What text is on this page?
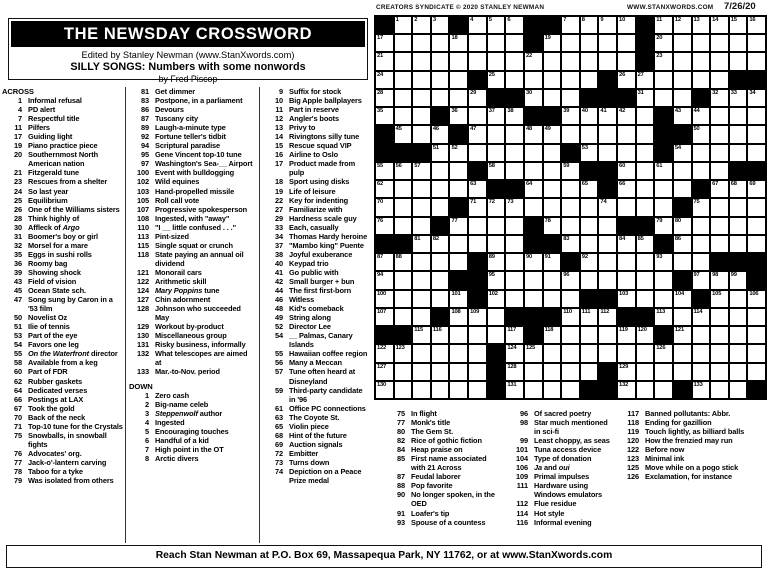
CREATORS SYNDICATE © 2020 STANLEY NEWMAN	WWW.STANXWORDS.COM 7/26/20
THE NEWSDAY CROSSWORD
Edited by Stanley Newman (www.StanXwords.com)
SILLY SONGS: Numbers with some nonwords
by Fred Piscop
1	2	3	4	5	6	7	8	9	10	11 12 13 14 15 16
17	18	19	20
21	22	23
24	25	26 27
28	29	30	31	32 33 34
35	36	37 38	39 40 41 42	43 44
45	46	47	48 49	50
51 52	53	54
55 56 57	58	59	60	61
62	63	64	65	66	67 68 69
70	71 72 73	74	75
76	77	78	79 80
81 82	83	84 85	86
87 88	89	90 91	92	93
94	95	96	97 98 99
100	101	102	103	104	105	106
107	108 109	110 111 112	113	114
115 116	117	118	119 120	121
122 123	124 125	126
127	128	129
130	131	132	133
ACROSS
1 Informal refusal
4 PD alert
7 Respectful title
11 Pilfers
17 Guiding light
19 Piano practice piece
20 Southernmost North American nation
21 Fitzgerald tune
23 Rescues from a shelter
24 So last year
25 Equilibrium
26 One of the Williams sisters
28 Think highly of
30 Affleck of Argo
31 Boomer's boy or girl
32 Morsel for a mare
35 Eggs in sushi rolls
36 Roomy bag
39 Showing shock
43 Field of vision
45 Ocean State sch.
47 Song sung by Caron in a '53 film
50 Novelist Oz
51 Ilie of tennis
53 Part of the eye
54 Favors one leg
55 On the Waterfront director
58 Available from a keg
60 Part of FDR
62 Rubber gaskets
64 Dedicated verses
66 Postings at LAX
67 Took the gold
70 Back of the neck
71 Top-10 tune for the Crystals
75 Snowballs, in snowball fights
76 Advocates' org.
77 Jack-o'-lantern carving
78 Taboo for a tyke
79 Was isolated from others
81 Get dimmer
83 Postpone, in a parliament
86 Devours
87 Tuscany city
89 Laugh-a-minute type
92 Fortune teller's tidbit
94 Scriptural paradise
95 Gene Vincent top-10 tune
97 Washington's Sea-__ Airport
100 Event with bulldogging
102 Wild equines
103 Hand-propelled missile
105 Roll call vote
107 Progressive spokesperson
108 Ingested, with "away"
110 "I __ little confused . . ."
113 Pint-sized
115 Single squat or crunch
118 State paying an annual oil dividend
121 Monorail cars
122 Arithmetic skill
124 Mary Poppins tune
127 Chin adornment
128 Johnson who succeeded May
129 Workout by-product
130 Miscellaneous group
131 Risky business, informally
132 What telescopes are aimed at
133 Mar.-to-Nov. period
DOWN
1 Zero cash
2 Big-name celeb
3 Steppenwolf author
4 Ingested
5 Encouraging touches
6 Handful of a kid
7 High point in the OT
8 Arctic divers
9 Suffix for stock
10 Big Apple ballplayers
11 Part in reserve
12 Angler's boots
13 Privy to
14 Rivingtons silly tune
15 Rescue squad VIP
16 Airline to Oslo
17 Product made from pulp
18 Sport using disks
19 Life of leisure
22 Key for indenting
27 Familiarize with
29 Hardness scale guy
33 Each, casually
34 Thomas Hardy heroine
37 "Mambo king" Puente
38 Joyful exuberance
40 Keypad trio
41 Go public with
42 Small burger + bun
44 The first first-born
46 Witless
48 Kid's comeback
49 String along
52 Director Lee
54 __ Palmas, Canary Islands
55 Hawaiian coffee region
56 Many a Meccan
57 Tune often heard at Disneyland
59 Third-party candidate in '96
61 Office PC connections
63 The Coyote St.
65 Violin piece
68 Hint of the future
69 Auction signals
72 Embitter
73 Turns down
74 Depiction on a Peace Prize medal
75 In flight
77 Monk's title
80 The Gem St.
82 Rice of gothic fiction
84 Heap praise on
85 First name associated with 21 Across
87 Feudal laborer
88 Pop favorite
90 No longer spoken, in the OED
91 Loafer's tip
93 Spouse of a countess
96 Of sacred poetry
98 Star much mentioned in sci-fi
99 Least choppy, as seas
101 Tuna access device
104 Type of donation
106 Ja and oui
109 Primal impulses
111 Hardware using Windows emulators
112 Flue residue
114 Hot style
116 Informal evening
117 Banned pollutants: Abbr.
118 Ending for gazillion
119 Touch lightly, as billiard balls
120 How the frenzied may run
122 Before now
123 Minimal ink
125 Move while on a pogo stick
126 Exclamation, for instance
Reach Stan Newman at P.O. Box 69, Massapequa Park, NY 11762, or at www.StanXwords.com
